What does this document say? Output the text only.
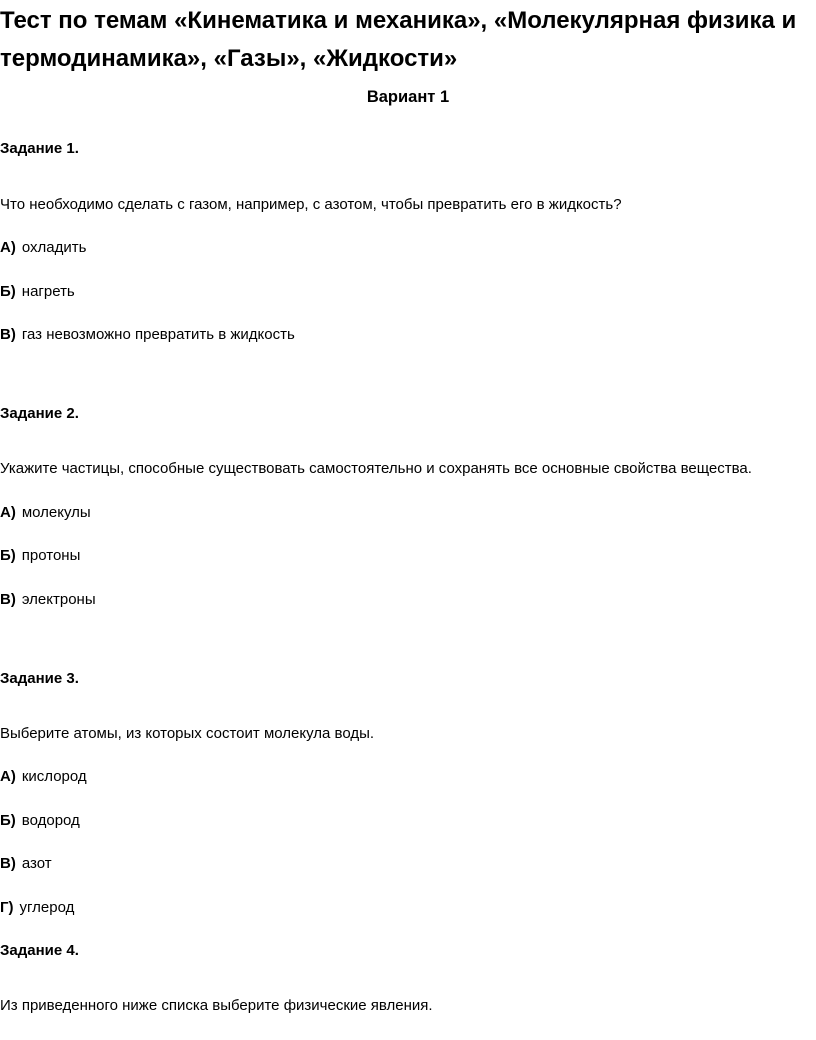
Тест по темам «Кинематика и механика», «Молекулярная физика и термодинамика», «Газы», «Жидкости»

Вариант 1

Задание 1.

Что необходимо сделать с газом, например, с азотом, чтобы превратить его в жидкость?

А) охладить

Б) нагреть

В) газ невозможно превратить в жидкость

Задание 2.

Укажите частицы, способные существовать самостоятельно и сохранять все основные свойства вещества.

А) молекулы

Б) протоны

В) электроны

Задание 3.

Выберите атомы, из которых состоит молекула воды.

А) кислород

Б) водород

В) азот

Г) углерод

Задание 4.

Из приведенного ниже списка выберите физические явления.
